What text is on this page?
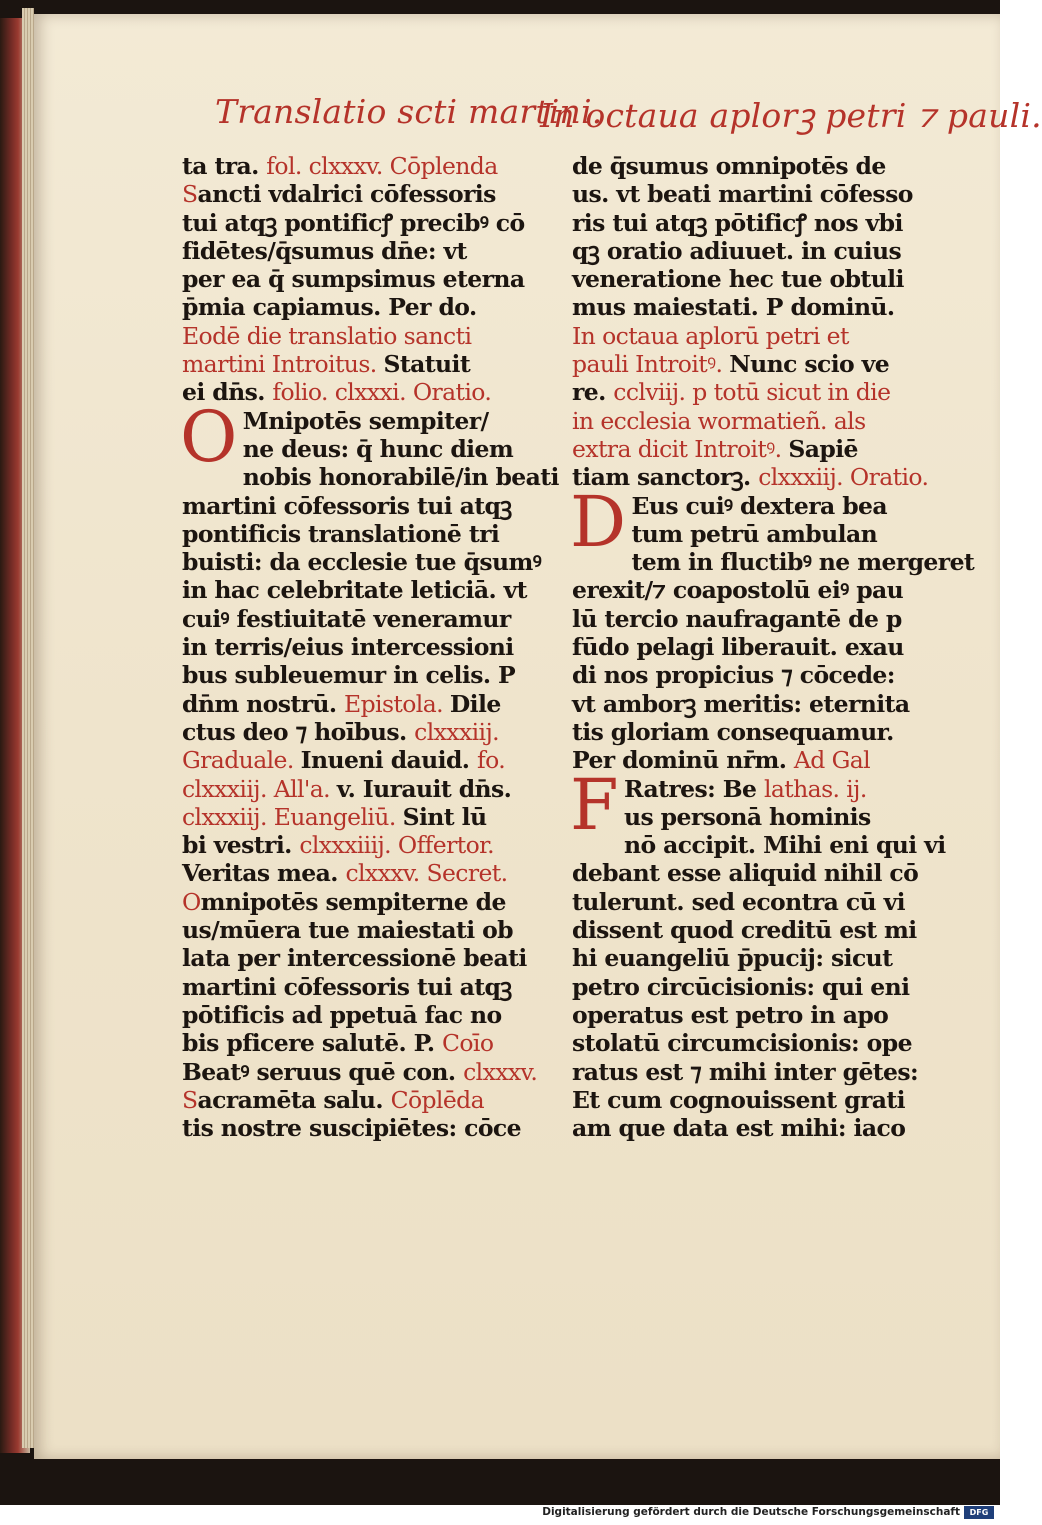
Translatio scti martini.
In octaua aplorꝫ petri ⁊ pauli.
ta tra. fol. clxxxv. Cōplenda
Sancti vdalrici cōfessoris
tui atqꝫ pontificꝭ precibꝰ cō
fidētes/q̄sumus dn̄e: vt
per ea q̄ sumpsimus eterna
p̄mia capiamus. Per do.
Eodē die translatio sancti
martini Introitus. Statuit
ei dn̄s. folio. clxxxi. Oratio.
O Mnipotēs sempiter/
ne deus: q̄ hunc diem
nobis honorabilē/in beati
martini cōfessoris tui atqꝫ
pontificis translationē tri
buisti: da ecclesie tue q̄sumꝰ
in hac celebritate leticiā. vt
cuiꝰ festiuitatē veneramur
in terris/eius intercessioni
bus subleuemur in celis. P
dn̄m nostrū. Epistola. Dile
ctus deo ⁊ hoībus. clxxxiij.
Graduale. Inueni dauid. fo.
clxxxiij. All'a. v. Iurauit dn̄s.
clxxxiij. Euangeliū. Sint lū
bi vestri. clxxxiiij. Offertor.
Veritas mea. clxxxv. Secret.
Omnipotēs sempiterne de
us/mūera tue maiestati ob
lata per intercessionē beati
martini cōfessoris tui atqꝫ
pōtificis ad ppetuā fac no
bis pficere salutē. P. Coīo
Beatꝰ seruus quē con. clxxxv.
Sacramēta salu. Cōplēda
tis nostre suscipiētes: cōce
de q̄sumus omnipotēs de
us. vt beati martini cōfesso
ris tui atqꝫ pōtificꝭ nos vbi
qꝫ oratio adiuuet. in cuius
veneratione hec tue obtuli
mus maiestati. P dominū.
In octaua aplorū petri et
pauli Introitꝰ. Nunc scio ve
re. cclviij. p totū sicut in die
in ecclesia wormatieñ. als
extra dicit Introitꝰ. Sapiē
tiam sanctorꝫ. clxxxiij. Oratio.
D Eus cuiꝰ dextera bea
tum petrū ambulan
tem in fluctibꝰ ne mergeret
erexit/⁊ coapostolū eiꝰ pau
lū tercio naufragantē de p
fūdo pelagi liberauit. exau
di nos propicius ⁊ cōcede:
vt amborꝫ meritis: eternita
tis gloriam consequamur.
Per dominū nr̄m. Ad Gal
F Ratres: Be lathas. ij.
us personā hominis
nō accipit. Mihi eni qui vi
debant esse aliquid nihil cō
tulerunt. sed econtra cū vi
dissent quod creditū est mi
hi euangeliū p̄pucij: sicut
petro circūcisionis: qui eni
operatus est petro in apo
stolatū circumcisionis: ope
ratus est ⁊ mihi inter gētes:
Et cum cognouissent grati
am que data est mihi: iaco
Digitalisierung gefördert durch die Deutsche Forschungsgemeinschaft	DFG
